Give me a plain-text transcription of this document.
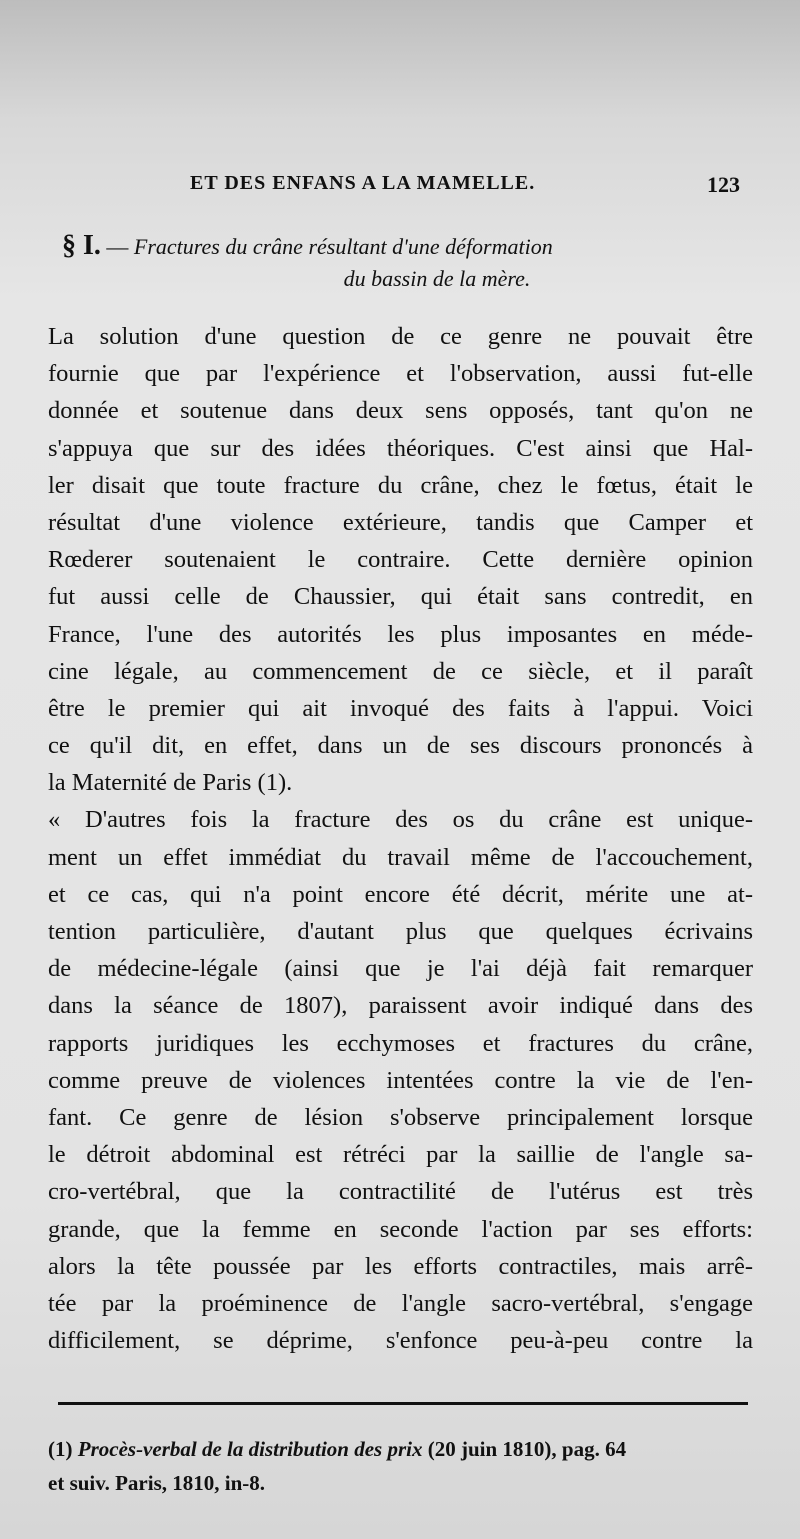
ET DES ENFANS A LA MAMELLE.	123
§ I. — Fractures du crâne résultant d'une déformation
du bassin de la mère.
La solution d'une question de ce genre ne pouvait être
fournie que par l'expérience et l'observation, aussi fut-elle
donnée et soutenue dans deux sens opposés, tant qu'on ne
s'appuya que sur des idées théoriques. C'est ainsi que Hal-
ler disait que toute fracture du crâne, chez le fœtus, était le
résultat d'une violence extérieure, tandis que Camper et
Rœderer soutenaient le contraire. Cette dernière opinion
fut aussi celle de Chaussier, qui était sans contredit, en
France, l'une des autorités les plus imposantes en méde-
cine légale, au commencement de ce siècle, et il paraît
être le premier qui ait invoqué des faits à l'appui. Voici
ce qu'il dit, en effet, dans un de ses discours prononcés à
la Maternité de Paris (1).
« D'autres fois la fracture des os du crâne est unique-
ment un effet immédiat du travail même de l'accouchement,
et ce cas, qui n'a point encore été décrit, mérite une at-
tention particulière, d'autant plus que quelques écrivains
de médecine-légale (ainsi que je l'ai déjà fait remarquer
dans la séance de 1807), paraissent avoir indiqué dans des
rapports juridiques les ecchymoses et fractures du crâne,
comme preuve de violences intentées contre la vie de l'en-
fant. Ce genre de lésion s'observe principalement lorsque
le détroit abdominal est rétréci par la saillie de l'angle sa-
cro-vertébral, que la contractilité de l'utérus est très
grande, que la femme en seconde l'action par ses efforts:
alors la tête poussée par les efforts contractiles, mais arrê-
tée par la proéminence de l'angle sacro-vertébral, s'engage
difficilement, se déprime, s'enfonce peu-à-peu contre la
(1) Procès-verbal de la distribution des prix (20 juin 1810), pag. 64
et suiv. Paris, 1810, in-8.
